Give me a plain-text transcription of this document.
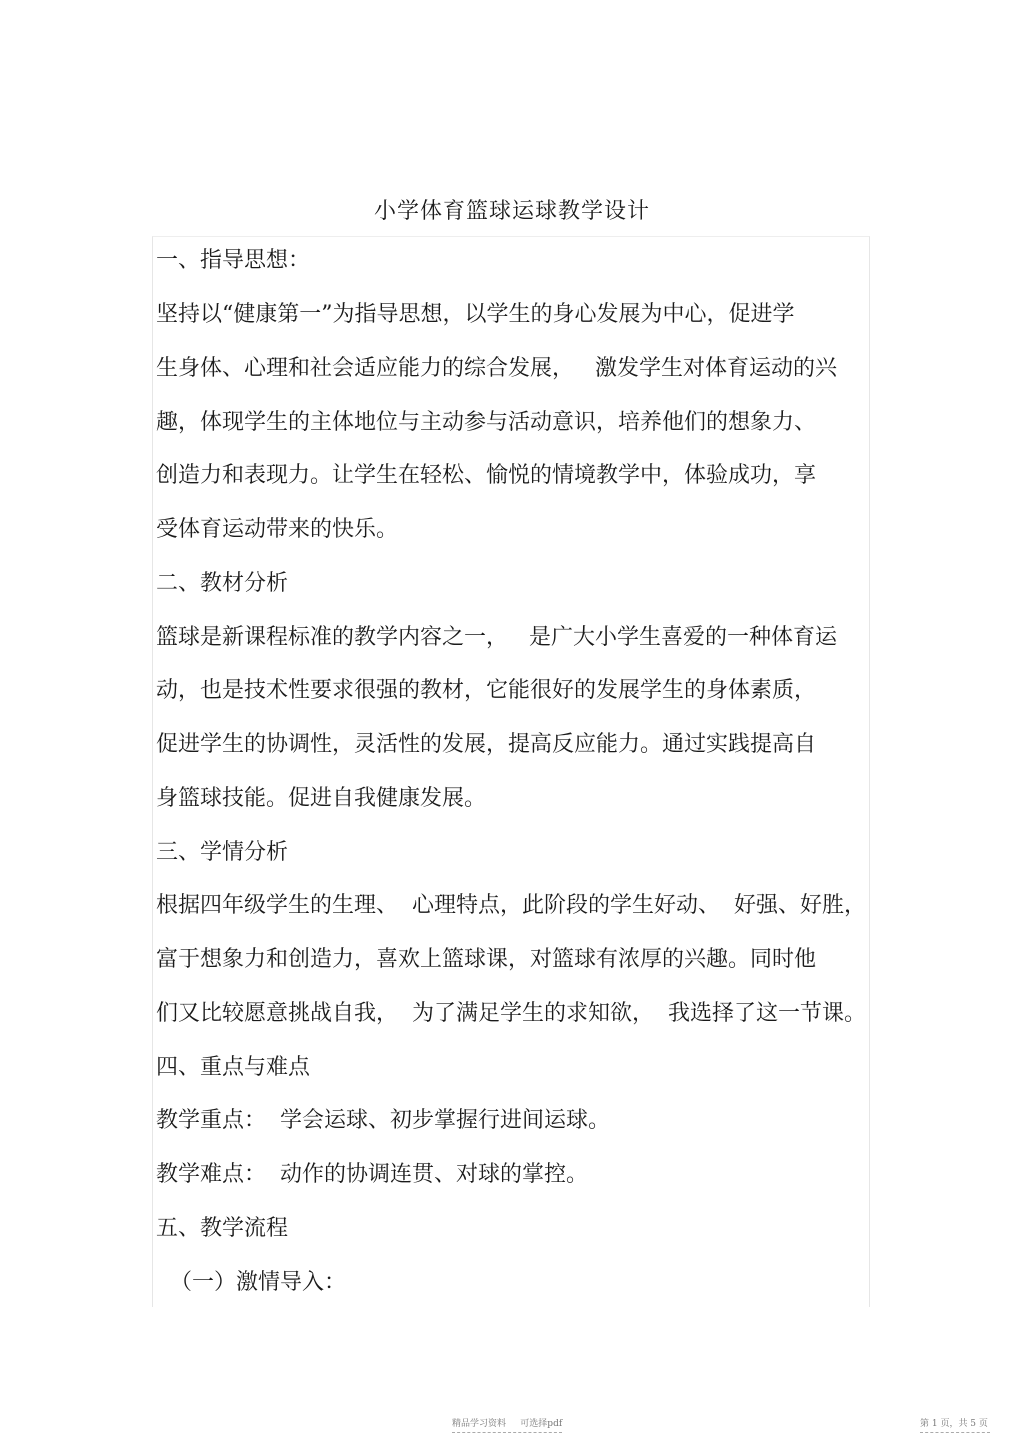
小学体育篮球运球教学设计
一、指导思想：
坚持以“健康第一”为指导思想，以学生的身心发展为中心，促进学
生身体、心理和社会适应能力的综合发展，   激发学生对体育运动的兴
趣，体现学生的主体地位与主动参与活动意识，培养他们的想象力、
创造力和表现力。让学生在轻松、愉悦的情境教学中，体验成功，享
受体育运动带来的快乐。
二、教材分析
篮球是新课程标准的教学内容之一，   是广大小学生喜爱的一种体育运
动，也是技术性要求很强的教材，它能很好的发展学生的身体素质，
促进学生的协调性，灵活性的发展，提高反应能力。通过实践提高自
身篮球技能。促进自我健康发展。
三、学情分析
根据四年级学生的生理、  心理特点，此阶段的学生好动、  好强、好胜，
富于想象力和创造力，喜欢上篮球课，对篮球有浓厚的兴趣。同时他
们又比较愿意挑战自我，  为了满足学生的求知欲，  我选择了这一节课。
四、重点与难点
教学重点：  学会运球、初步掌握行进间运球。
教学难点：  动作的协调连贯、对球的掌控。
五、教学流程
（一）激情导入：
精品学习资料     可选择pdf	第 1 页，共 5 页
